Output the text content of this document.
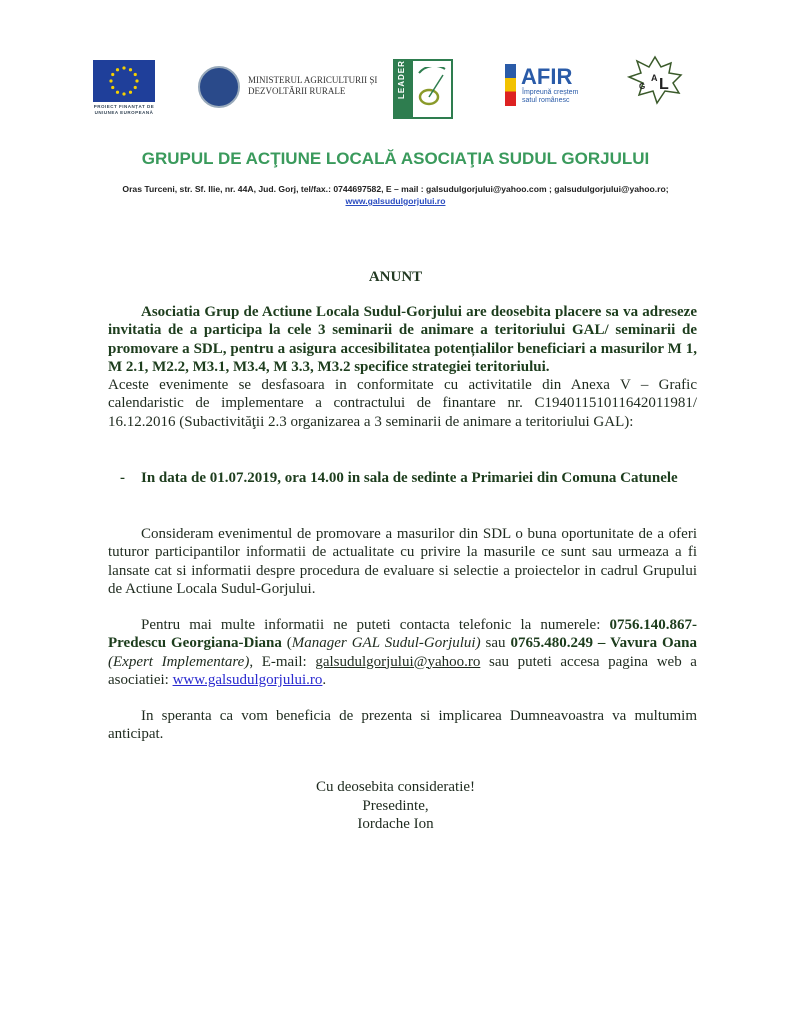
PROIECT FINANȚAT DE UNIUNEA EUROPEANĂ
MINISTERUL AGRICULTURII ȘI
DEZVOLTĂRII RURALE	LEADER	AFIR
Împreună creștem
satul românesc
G
A L
GRUPUL DE ACŢIUNE LOCALĂ ASOCIAŢIA SUDUL GORJULUI
Oras Turceni, str. Sf. Ilie, nr. 44A, Jud. Gorj, tel/fax.: 0744697582, E – mail : galsudulgorjului@yahoo.com ; galsudulgorjului@yahoo.ro;
www.galsudulgorjului.ro
ANUNT
Asociatia Grup de Actiune Locala Sudul-Gorjului are deosebita placere sa va adreseze invitatia de a participa la cele 3 seminarii de animare a teritoriului GAL/ seminarii de promovare a SDL, pentru a asigura accesibilitatea potențialilor beneficiari a masurilor M 1, M 2.1, M2.2, M3.1, M3.4, M 3.3, M3.2 specifice strategiei teritoriului.
Aceste evenimente se desfasoara in conformitate cu activitatile din Anexa V – Grafic calendaristic de implementare a contractului de finantare nr. C19401151011642011981/ 16.12.2016 (Subactivităţii 2.3 organizarea a 3 seminarii de animare a teritoriului GAL):
- In data de 01.07.2019, ora 14.00 in sala de sedinte a Primariei din Comuna Catunele
Consideram evenimentul de promovare a masurilor din SDL o buna oportunitate de a oferi tuturor participantilor informatii de actualitate cu privire la masurile ce sunt sau urmeaza a fi lansate cat si informatii despre procedura de evaluare si selectie a proiectelor in cadrul Grupului de Actiune Locala Sudul-Gorjului.
Pentru mai multe informatii ne puteti contacta telefonic la numerele: 0756.140.867- Predescu Georgiana-Diana (Manager GAL Sudul-Gorjului) sau 0765.480.249 – Vavura Oana (Expert Implementare), E-mail: galsudulgorjului@yahoo.ro sau puteti accesa pagina web a asociatiei: www.galsudulgorjului.ro.
In speranta ca vom beneficia de prezenta si implicarea Dumneavoastra va multumim anticipat.
Cu deosebita consideratie!
Presedinte,
Iordache Ion
